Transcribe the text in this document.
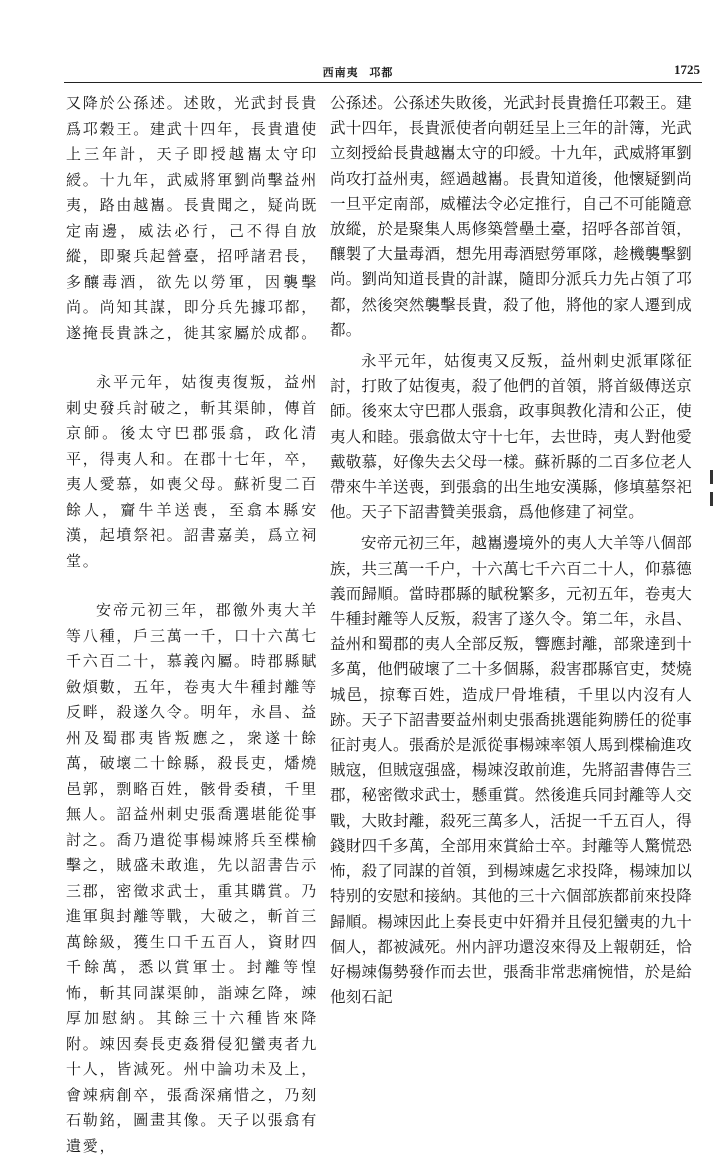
西南夷 邛都	1725

又降於公孫述。述敗，光武封長貴爲邛穀王。建武十四年，長貴遣使上三年計，天子即授越巂太守印綬。十九年，武威將軍劉尚擊益州夷，路由越巂。長貴聞之，疑尚既定南邊，威法必行，己不得自放縱，即聚兵起營臺，招呼諸君長，多釀毒酒，欲先以勞軍，因襲擊尚。尚知其謀，即分兵先據邛都，遂掩長貴誅之，徙其家屬於成都。

永平元年，姑復夷復叛，益州刺史發兵討破之，斬其渠帥，傳首京師。後太守巴郡張翕，政化清平，得夷人和。在郡十七年，卒，夷人愛慕，如喪父母。蘇祈叟二百餘人，齎牛羊送喪，至翕本縣安漢，起墳祭祀。詔書嘉美，爲立祠堂。

安帝元初三年，郡徼外夷大羊等八種，戶三萬一千，口十六萬七千六百二十，慕義內屬。時郡縣賦斂煩數，五年，卷夷大牛種封離等反畔，殺遂久令。明年，永昌、益州及蜀郡夷皆叛應之，衆遂十餘萬，破壞二十餘縣，殺長吏，燔燒邑郭，剽略百姓，骸骨委積，千里無人。詔益州刺史張喬選堪能從事討之。喬乃遣從事楊竦將兵至楪榆擊之，賊盛未敢進，先以詔書告示三郡，密徵求武士，重其購賞。乃進軍與封離等戰，大破之，斬首三萬餘級，獲生口千五百人，資財四千餘萬，悉以賞軍士。封離等惶怖，斬其同謀渠帥，詣竦乞降，竦厚加慰納。其餘三十六種皆來降附。竦因奏長吏姦猾侵犯蠻夷者九十人，皆減死。州中論功未及上，會竦病創卒，張喬深痛惜之，乃刻石勒銘，圖畫其像。天子以張翕有遺愛，

公孫述。公孫述失敗後，光武封長貴擔任邛穀王。建武十四年，長貴派使者向朝廷呈上三年的計簿，光武立刻授給長貴越巂太守的印綬。十九年，武威將軍劉尚攻打益州夷，經過越巂。長貴知道後，他懷疑劉尚一旦平定南部，威權法令必定推行，自己不可能隨意放縱，於是聚集人馬修築營壘土臺，招呼各部首領，釀製了大量毒酒，想先用毒酒慰勞軍隊，趁機襲擊劉尚。劉尚知道長貴的計謀，隨即分派兵力先占領了邛都，然後突然襲擊長貴，殺了他，將他的家人遷到成都。

永平元年，姑復夷又反叛，益州刺史派軍隊征討，打敗了姑復夷，殺了他們的首領，將首級傳送京師。後來太守巴郡人張翕，政事與教化清和公正，使夷人和睦。張翕做太守十七年，去世時，夷人對他愛戴敬慕，好像失去父母一樣。蘇祈縣的二百多位老人帶來牛羊送喪，到張翕的出生地安漢縣，修填墓祭祀他。天子下詔書贊美張翕，爲他修建了祠堂。

安帝元初三年，越巂邊境外的夷人大羊等八個部族，共三萬一千户，十六萬七千六百二十人，仰慕德義而歸順。當時郡縣的賦稅繁多，元初五年，卷夷大牛種封離等人反叛，殺害了遂久令。第二年，永昌、益州和蜀郡的夷人全部反叛，響應封離，部衆達到十多萬，他們破壞了二十多個縣，殺害郡縣官吏，焚燒城邑，掠奪百姓，造成尸骨堆積，千里以内沒有人跡。天子下詔書要益州刺史張喬挑選能夠勝任的從事征討夷人。張喬於是派從事楊竦率領人馬到楪榆進攻賊寇，但賊寇强盛，楊竦沒敢前進，先將詔書傳告三郡，秘密徵求武士，懸重賞。然後進兵同封離等人交戰，大敗封離，殺死三萬多人，活捉一千五百人，得錢財四千多萬，全部用來賞給士卒。封離等人驚慌恐怖，殺了同謀的首領，到楊竦處乞求投降，楊竦加以特别的安慰和接納。其他的三十六個部族都前來投降歸順。楊竦因此上奏長吏中奸猾并且侵犯蠻夷的九十個人，都被減死。州内評功還沒來得及上報朝廷，恰好楊竦傷勢發作而去世，張喬非常悲痛惋惜，於是給他刻石記
